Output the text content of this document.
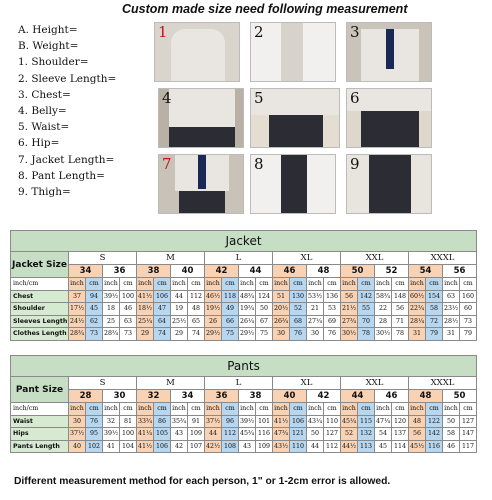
Custom made size need following measurement
A. Height=
B. Weight=
1. Shoulder=
2. Sleeve Length=
3. Chest=
4. Belly=
5. Waist=
6. Hip=
7. Jacket Length=
8. Pant Length=
9. Thigh=
1	2	3
4	5	6
7	8	9
Jacket																								
Jacket Size	S				M				L				XL				XXL				XXXL			
	34		36		38		40		42		44		46		48		50		52		54		56	
inch/cm	inch	cm	inch	cm	inch	cm	inch	cm	inch	cm	inch	cm	inch	cm	inch	cm	inch	cm	inch	cm	inch	cm	inch	cm
Chest	37	94	39½	100	41½	106	44	112	46½	118	48¾	124	51	130	53½	136	56	142	58¾	148	60½	154	63	160
Shoulder	17½	45	18	46	18½	47	19	48	19½	49	19¾	50	20½	52	21	53	21½	55	22	56	22¾	58	23½	60
Sleeves Length	24½	62	25	63	25¼	64	25½	65	26	66	26¼	67	26¾	68	27¼	69	27¾	70	28	71	28¼	72	28½	73
Clothes Length	28¾	73	28¾	73	29	74	29	74	29½	75	29½	75	30	76	30	76	30½	78	30½	78	31	79	31	79
Pants																								
Pant Size	S				M				L				XL				XXL				XXXL			
	28		30		32		34		36		38		40		42		44		46		48		50	
inch/cm	inch	cm	inch	cm	inch	cm	inch	cm	inch	cm	inch	cm	inch	cm	inch	cm	inch	cm	inch	cm	inch	cm	inch	cm
Waist	30	76	32	81	33¾	86	35¾	91	37½	96	39½	101	41½	106	43¼	110	45¼	115	47¼	120	48	122	50	127
Hips	37½	95	39½	100	41¼	105	43	109	44	112	45¾	116	47¾	121	50	127	52	132	54	137	56	142	58	147
Pants Length	40	102	41	104	41½	106	42	107	42½	108	43	109	43½	110	44	112	44½	113	45	114	45½	116	46	117
Different measurement method for each person, 1" or 1-2cm error is allowed.
